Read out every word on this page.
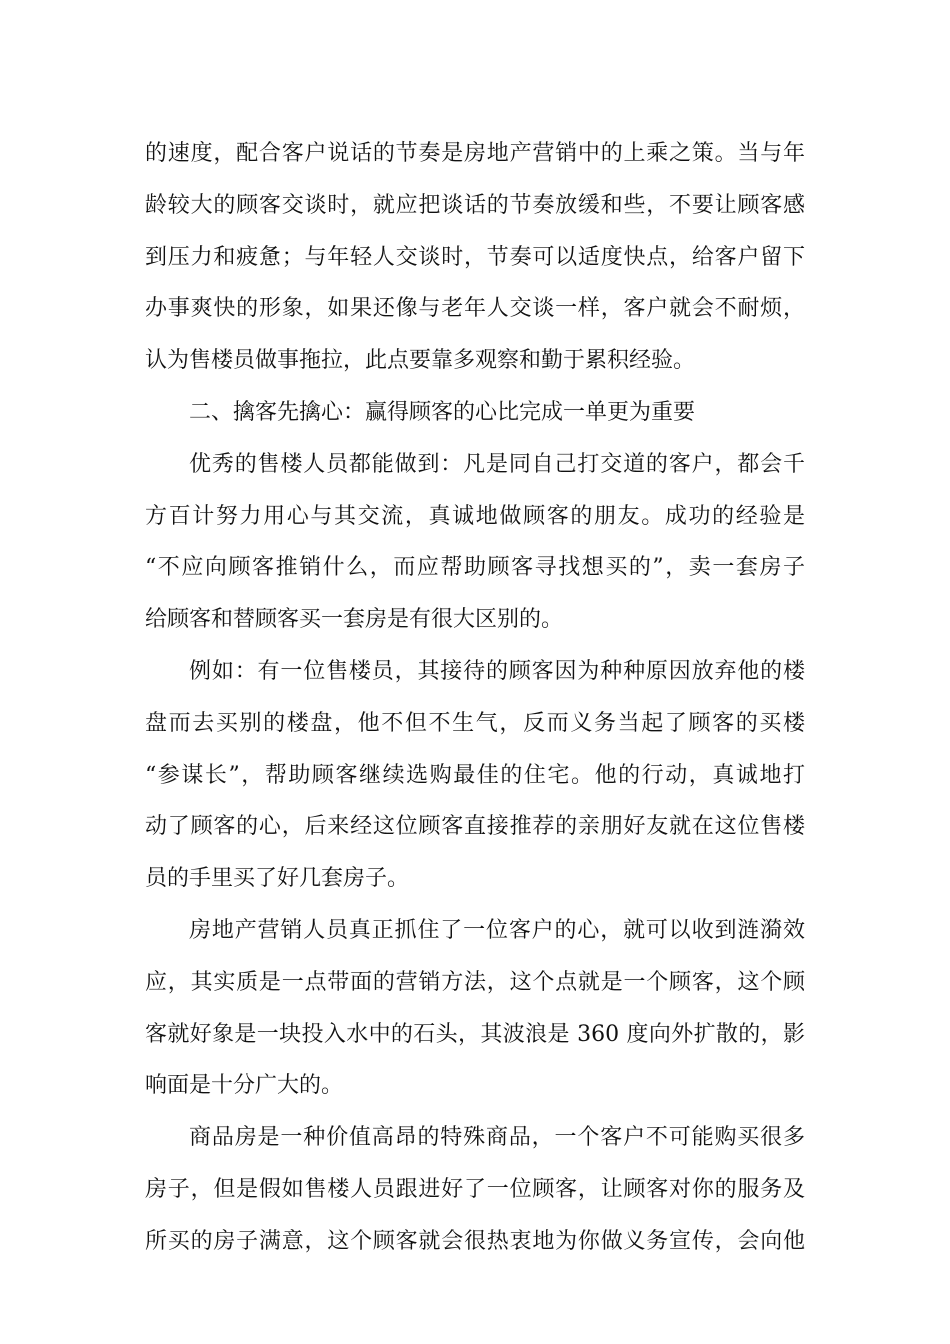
的速度，配合客户说话的节奏是房地产营销中的上乘之策。当与年
龄较大的顾客交谈时，就应把谈话的节奏放缓和些，不要让顾客感
到压力和疲惫；与年轻人交谈时，节奏可以适度快点，给客户留下
办事爽快的形象，如果还像与老年人交谈一样，客户就会不耐烦，
认为售楼员做事拖拉，此点要靠多观察和勤于累积经验。
二、擒客先擒心：赢得顾客的心比完成一单更为重要
优秀的售楼人员都能做到：凡是同自己打交道的客户，都会千
方百计努力用心与其交流，真诚地做顾客的朋友。成功的经验是
“不应向顾客推销什么，而应帮助顾客寻找想买的”，卖一套房子
给顾客和替顾客买一套房是有很大区别的。
例如：有一位售楼员，其接待的顾客因为种种原因放弃他的楼
盘而去买别的楼盘，他不但不生气，反而义务当起了顾客的买楼
“参谋长”，帮助顾客继续选购最佳的住宅。他的行动，真诚地打
动了顾客的心，后来经这位顾客直接推荐的亲朋好友就在这位售楼
员的手里买了好几套房子。
房地产营销人员真正抓住了一位客户的心，就可以收到涟漪效
应，其实质是一点带面的营销方法，这个点就是一个顾客，这个顾
客就好象是一块投入水中的石头，其波浪是 360 度向外扩散的，影
响面是十分广大的。
商品房是一种价值高昂的特殊商品，一个客户不可能购买很多
房子，但是假如售楼人员跟进好了一位顾客，让顾客对你的服务及
所买的房子满意，这个顾客就会很热衷地为你做义务宣传，会向他
